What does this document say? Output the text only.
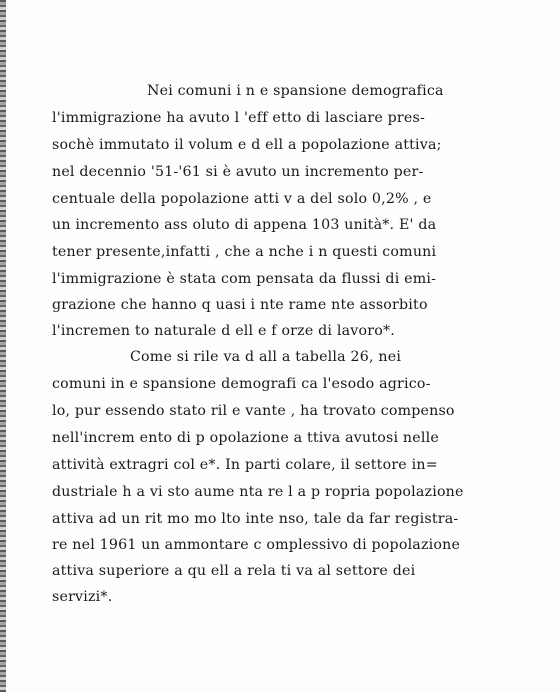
Nei comuni i n e spansione demografica
l'immigrazione ha avuto l 'eff etto di lasciare pres-
sochè immutato il volum e d ell a popolazione attiva;
nel decennio '51-'61 si è avuto un incremento per-
centuale della popolazione atti v a del solo 0,2% , e
un incremento ass oluto di appena 103 unità*. E' da
tener presente,infatti , che a nche i n questi comuni
l'immigrazione è stata com pensata da flussi di emi-
grazione che hanno q uasi i nte rame nte assorbito
l'incremen to naturale d ell e f orze di lavoro*.
Come si rile va d all a tabella 26, nei
comuni in e spansione demografi ca l'esodo agrico-
lo, pur essendo stato ril e vante , ha trovato compenso
nell'increm ento di p opolazione a ttiva avutosi nelle
attività extragri col e*. In parti colare, il settore in=
dustriale h a vi sto aume nta re l a p ropria popolazione
attiva ad un rit mo mo lto inte nso, tale da far registra-
re nel 1961 un ammontare c omplessivo di popolazione
attiva superiore a qu ell a rela ti va al settore dei
servizi*.
